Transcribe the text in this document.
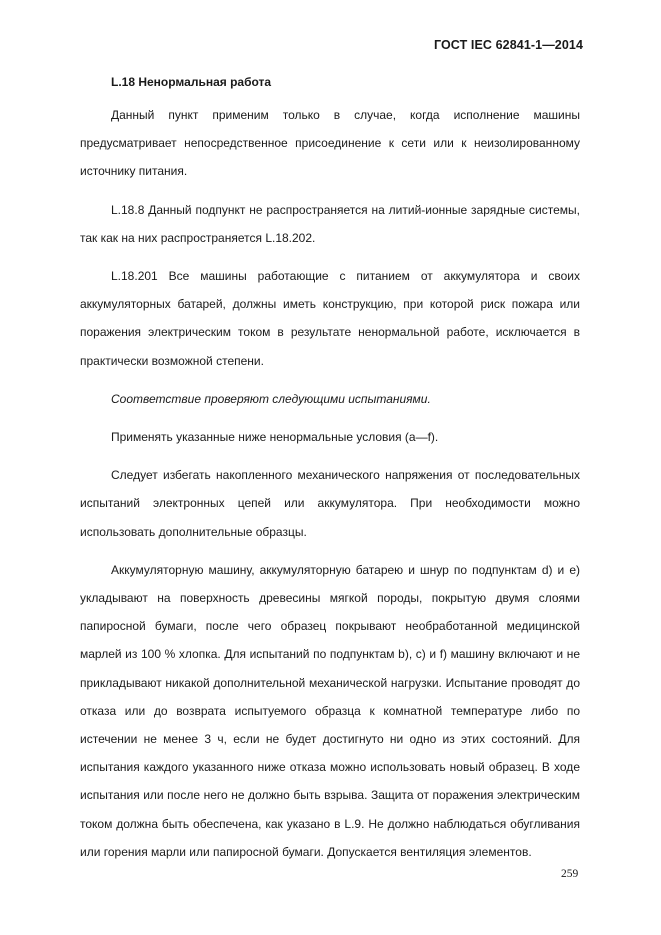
ГОСТ IEC 62841-1—2014

L.18 Ненормальная работа

Данный пункт применим только в случае, когда исполнение машины предусматривает непосредственное присоединение к сети или к неизолированному источнику питания.

L.18.8 Данный подпункт не распространяется на литий-ионные зарядные системы, так как на них распространяется L.18.202.

L.18.201 Все машины работающие с питанием от аккумулятора и своих аккумуляторных батарей, должны иметь конструкцию, при которой риск пожара или поражения электрическим током в результате ненормальной работе, исключается в практически возможной степени.

Соответствие проверяют следующими испытаниями.

Применять указанные ниже ненормальные условия (a—f).

Следует избегать накопленного механического напряжения от последовательных испытаний электронных цепей или аккумулятора. При необходимости можно использовать дополнительные образцы.

Аккумуляторную машину, аккумуляторную батарею и шнур по подпунктам d) и e) укладывают на поверхность древесины мягкой породы, покрытую двумя слоями папиросной бумаги, после чего образец покрывают необработанной медицинской марлей из 100 % хлопка. Для испытаний по подпунктам b), c) и f) машину включают и не прикладывают никакой дополнительной механической нагрузки. Испытание проводят до отказа или до возврата испытуемого образца к комнатной температуре либо по истечении не менее 3 ч, если не будет достигнуто ни одно из этих состояний. Для испытания каждого указанного ниже отказа можно использовать новый образец. В ходе испытания или после него не должно быть взрыва. Защита от поражения электрическим током должна быть обеспечена, как указано в L.9. Не должно наблюдаться обугливания или горения марли или папиросной бумаги. Допускается вентиляция элементов.

259
